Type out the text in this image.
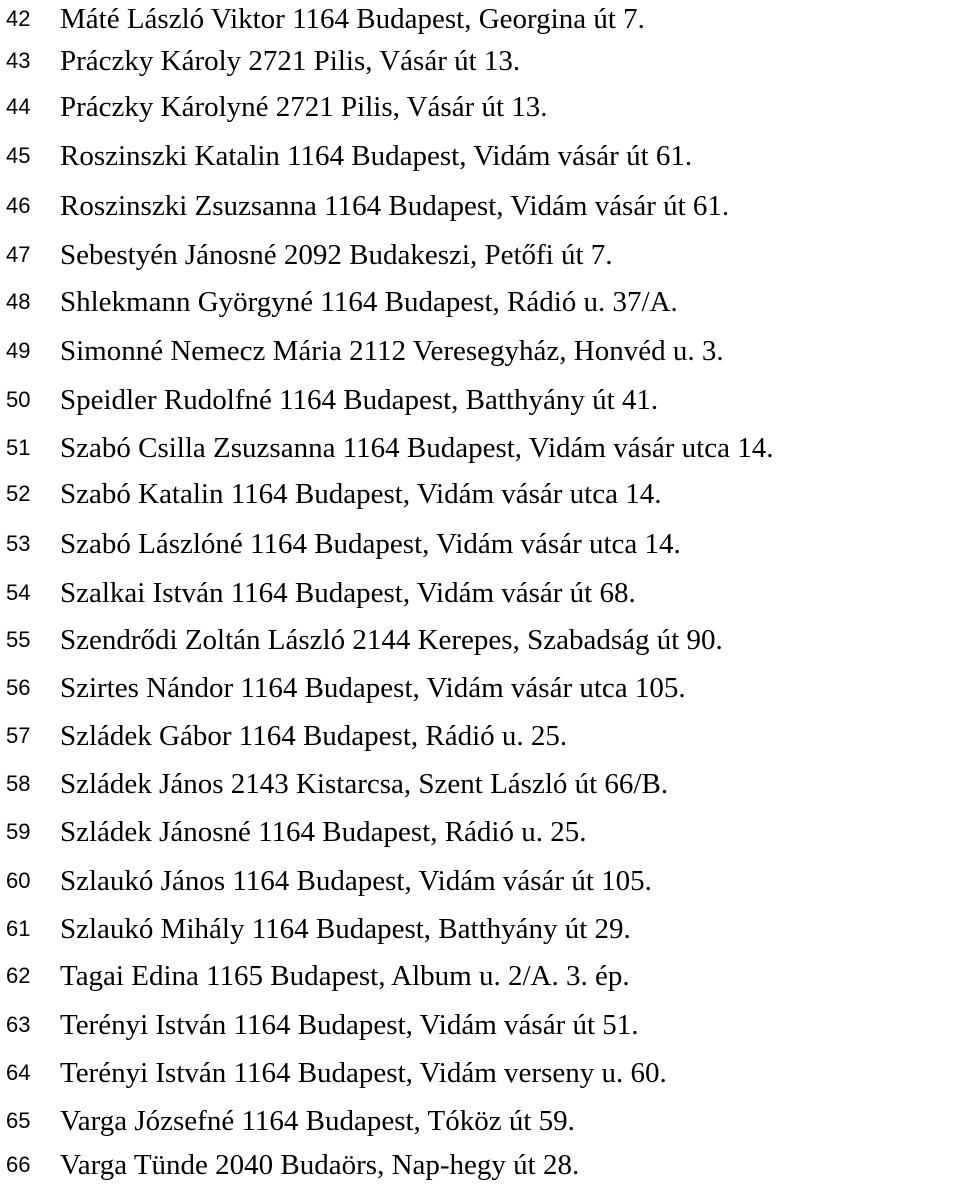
42	Máté László Viktor 1164 Budapest, Georgina út 7.
43	Práczky Károly 2721 Pilis, Vásár út 13.
44	Práczky Károlyné 2721 Pilis, Vásár út 13.
45	Roszinszki Katalin 1164 Budapest, Vidám vásár út 61.
46	Roszinszki Zsuzsanna 1164 Budapest, Vidám vásár út 61.
47	Sebestyén Jánosné 2092 Budakeszi, Petőfi út 7.
48	Shlekmann Györgyné 1164 Budapest, Rádió u. 37/A.
49	Simonné Nemecz Mária 2112 Veresegyház, Honvéd u. 3.
50	Speidler Rudolfné 1164 Budapest, Batthyány út 41.
51	Szabó Csilla Zsuzsanna 1164 Budapest, Vidám vásár utca 14.
52	Szabó Katalin 1164 Budapest, Vidám vásár utca 14.
53	Szabó Lászlóné 1164 Budapest, Vidám vásár utca 14.
54	Szalkai István 1164 Budapest, Vidám vásár út 68.
55	Szendrődi Zoltán László 2144 Kerepes, Szabadság út 90.
56	Szirtes Nándor 1164 Budapest, Vidám vásár utca 105.
57	Szládek Gábor 1164 Budapest, Rádió u. 25.
58	Szládek János 2143 Kistarcsa, Szent László út 66/B.
59	Szládek Jánosné 1164 Budapest, Rádió u. 25.
60	Szlaukó János 1164 Budapest, Vidám vásár út 105.
61	Szlaukó Mihály 1164 Budapest, Batthyány út 29.
62	Tagai Edina 1165 Budapest, Album u. 2/A. 3. ép.
63	Terényi István 1164 Budapest, Vidám vásár út 51.
64	Terényi István 1164 Budapest, Vidám verseny u. 60.
65	Varga Józsefné 1164 Budapest, Tóköz út 59.
66	Varga Tünde 2040 Budaörs, Nap-hegy út 28.
